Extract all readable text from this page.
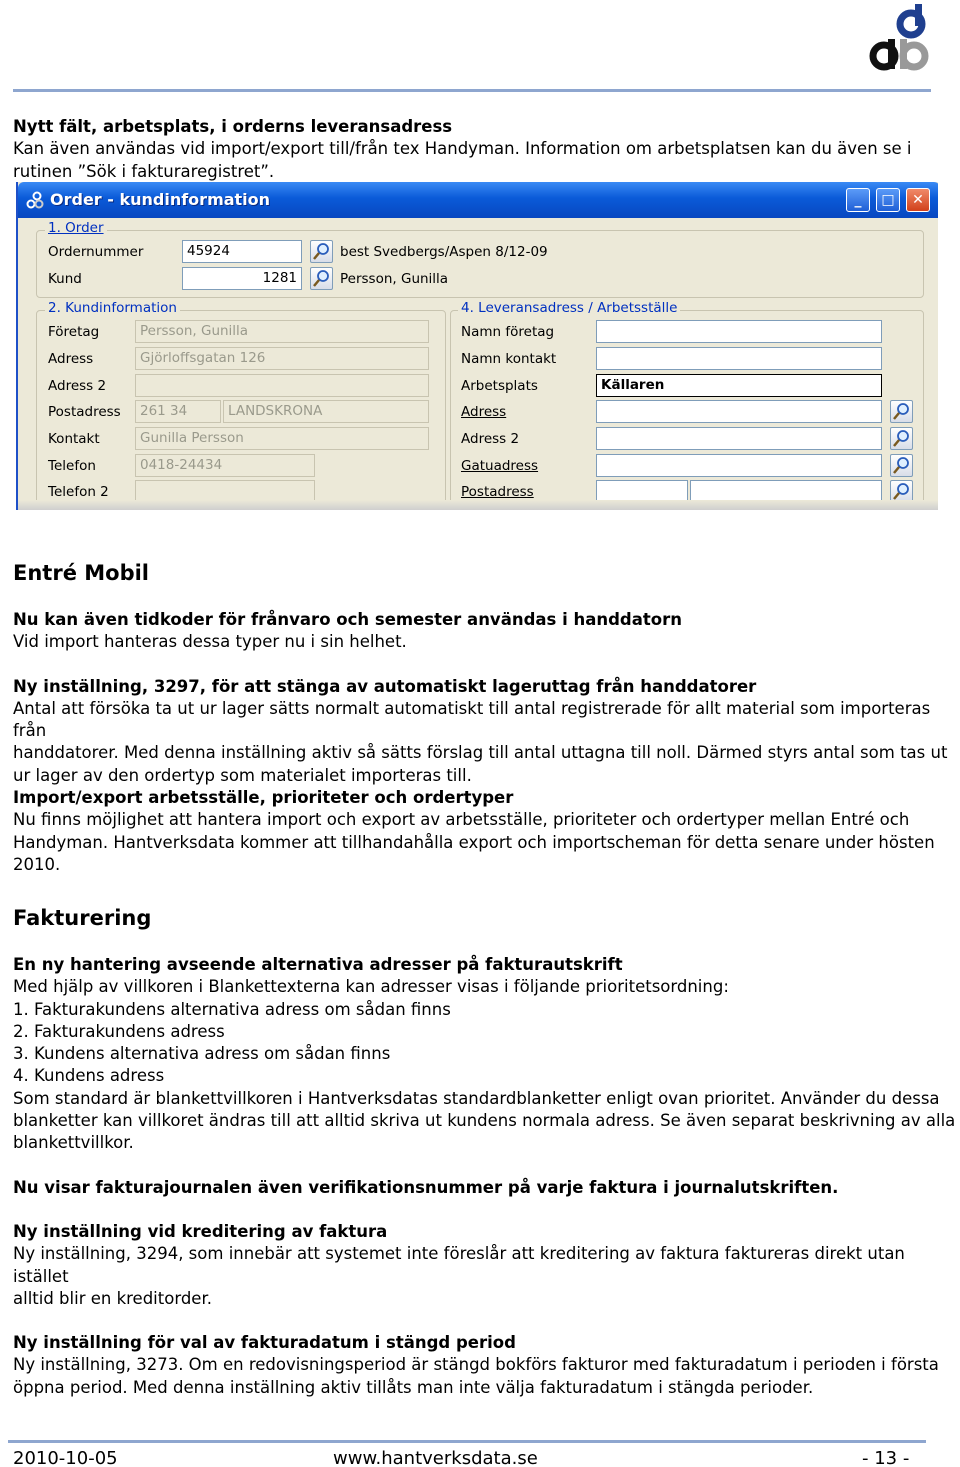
Nytt fält, arbetsplats, i orderns leveransadress

Kan även användas vid import/export till/från tex Handyman. Information om arbetsplatsen kan du även se i

rutinen ”Sök i fakturaregistret”.

Order - kundinformation	_	□	✕
1. Order
Ordernummer	45924	best Svedbergs/Aspen 8/12-09
Kund	1281	Persson, Gunilla
2. Kundinformation
Företag	Persson, Gunilla
Adress	Gjörloffsgatan 126
Adress 2
Postadress	261 34	LANDSKRONA
Kontakt	Gunilla Persson
Telefon	0418-24434
Telefon 2
4. Leveransadress / Arbetsställe
Namn företag
Namn kontakt
Arbetsplats	Källaren
Adress
Adress 2
Gatuadress
Postadress
Entré Mobil

Nu kan även tidkoder för frånvaro och semester användas i handdatorn

Vid import hanteras dessa typer nu i sin helhet.

Ny inställning, 3297, för att stänga av automatiskt lageruttag från handdatorer

Antal att försöka ta ut ur lager sätts normalt automatiskt till antal registrerade för allt material som importeras från

handdatorer. Med denna inställning aktiv så sätts förslag till antal uttagna till noll. Därmed styrs antal som tas ut

ur lager av den ordertyp som materialet importeras till.

Import/export arbetsställe, prioriteter och ordertyper

Nu finns möjlighet att hantera import och export av arbetsställe, prioriteter och ordertyper mellan Entré och

Handyman. Hantverksdata kommer att tillhandahålla export och importscheman för detta senare under hösten

2010.

Fakturering

En ny hantering avseende alternativa adresser på fakturautskrift

Med hjälp av villkoren i Blankettexterna kan adresser visas i följande prioritetsordning:

1. Fakturakundens alternativa adress om sådan finns

2. Fakturakundens adress

3. Kundens alternativa adress om sådan finns

4. Kundens adress

Som standard är blankettvillkoren i Hantverksdatas standardblanketter enligt ovan prioritet. Använder du dessa

blanketter kan villkoret ändras till att alltid skriva ut kundens normala adress. Se även separat beskrivning av alla

blankettvillkor.

Nu visar fakturajournalen även verifikationsnummer på varje faktura i journalutskriften.

Ny inställning vid kreditering av faktura

Ny inställning, 3294, som innebär att systemet inte föreslår att kreditering av faktura faktureras direkt utan istället

alltid blir en kreditorder.

Ny inställning för val av fakturadatum i stängd period

Ny inställning, 3273. Om en redovisningsperiod är stängd bokförs fakturor med fakturadatum i perioden i första

öppna period. Med denna inställning aktiv tillåts man inte välja fakturadatum i stängda perioder.

2010-10-05	www.hantverksdata.se	- 13 -
